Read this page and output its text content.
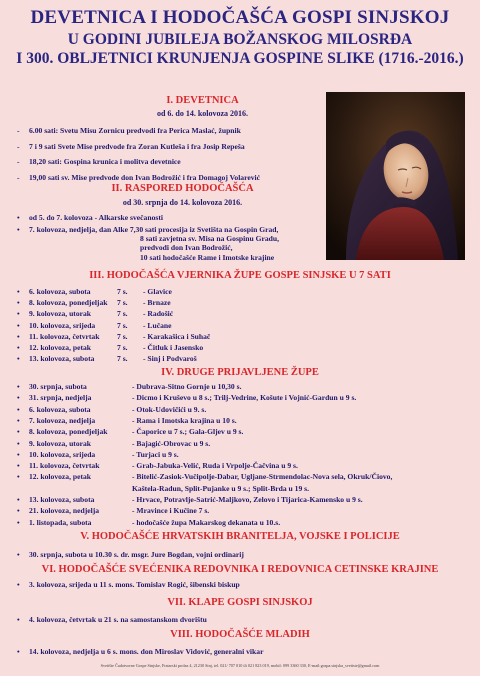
DEVETNICA I HODOČAŠĆA GOSPI SINJSKOJ
U GODINI JUBILEJA BOŽANSKOG MILOSRĐA
I 300. OBLJETNICI KRUNJENJA GOSPINE SLIKE (1716.-2016.)
I. DEVETNICA
od 6. do 14. kolovoza 2016.
- 6.00 sati: Svetu Misu Zornicu predvodi fra Perica Maslać, župnik
- 7 i 9 sati Svete Mise predvode fra Zoran Kutleša i fra Josip Repeša
- 18,20 sati: Gospina krunica i molitva devetnice
- 19,00 sati sv. Mise predvode don Ivan Bodrožić i fra Domagoj Volarević
II. RASPORED HODOČAŠĆA
od 30. srpnja do 14. kolovoza 2016.
• od 5. do 7. kolovoza - Alkarske svečanosti
• 7. kolovoza, nedjelja, dan Alke 7,30 sati procesija iz Svetišta na Gospin Grad,
8 sati zavjetna sv. Misa na Gospinu Gradu,
predvodi don Ivan Bodrožić,
10 sati hodočašće Rame i Imotske krajine
III. HODOČAŠĆA VJERNIKA ŽUPE GOSPE SINJSKE U 7 SATI
• 6. kolovoza, subota	7 s. - Glavice
• 8. kolovoza, ponedjeljak 7 s. - Brnaze
• 9. kolovoza, utorak	7 s. - Radošić
• 10. kolovoza, srijeda	7 s. - Lučane
• 11. kolovoza, četvrtak 7 s. - Karakašica i Suhač
• 12. kolovoza, petak	7 s. - Čitluk i Jasensko
• 13. kolovoza, subota	7 s. - Sinj i Podvaroš
IV. DRUGE PRIJAVLJENE ŽUPE
• 30. srpnja, subota	- Dubrava-Sitno Gornje u 10,30 s.
• 31. srpnja, nedjelja	- Dicmo i Kruševo u 8 s.; Trilj-Vedrine, Košute i Vojnić-Gardun u 9 s.
• 6. kolovoza, subota	- Otok-Udovičići u 9. s.
• 7. kolovoza, nedjelja	- Rama i Imotska krajina u 10 s.
• 8. kolovoza, ponedjeljak	- Čaporice u 7 s.; Gala-Gljev u 9 s.
• 9. kolovoza, utorak	- Bajagić-Obrovac u 9 s.
• 10. kolovoza, srijeda	- Turjaci u 9 s.
• 11. kolovoza, četvrtak	- Grab-Jabuka-Velić, Ruda i Vrpolje-Čačvina u 9 s.
• 12. kolovoza, petak	- Bitelić-Zasiok-Vučipolje-Dabar, Ugljane-Strmendolac-Nova sela, Okruk/Čiovo,
Kaštela-Radun, Split-Pujanke u 9 s.; Split-Brda u 19 s.
• 13. kolovoza, subota	- Hrvace, Potravlje-Satrić-Maljkovo, Zelovo i Tijarica-Kamensko u 9 s.
• 21. kolovoza, nedjelja	- Mravince i Kučine 7 s.
• 1. listopada, subota	- hodočašće župa Makarskog dekanata u 10.s.
V. HODOČAŠĆE HRVATSKIH BRANITELJA, VOJSKE I POLICIJE
• 30. srpnja, subota u 10.30 s. dr. msgr. Jure Bogdan, vojni ordinarij
VI. HODOČAŠĆE SVEĆENIKA REDOVNIKA I REDOVNICA CETINSKE KRAJINE
• 3. kolovoza, srijeda u 11 s. mons. Tomislav Rogić, šibenski biskup
VII. KLAPE GOSPI SINJSKOJ
• 4. kolovoza, četvrtak u 21 s. na samostanskom dvorištu
VIII. HODOČAŠĆE MLADIH
• 14. kolovoza, nedjelja u 6 s. mons. don Miroslav Vidović, generalni vikar
Svetište Čudotvorne Gospe Sinjske, Fratarski prolaz 4, 21230 Sinj, tel. 021/ 707 010 ili 021 823 019, mobil: 099 3360 330, E-mail:gospa.sinjska_svetiste@gmail.com
